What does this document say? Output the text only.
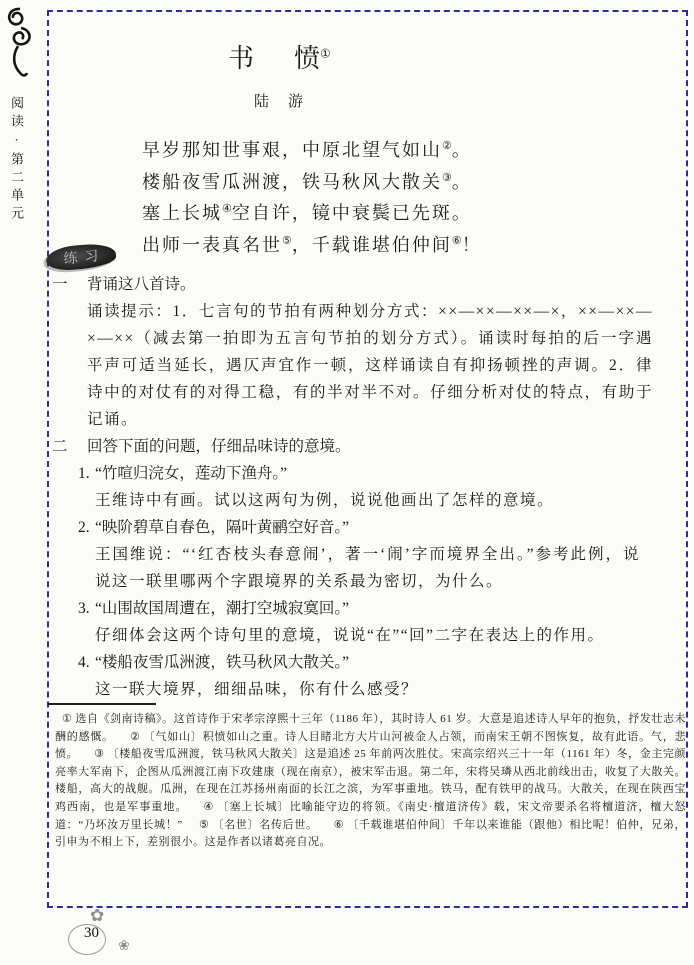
阅读·第二单元
书 愤①
陆　游
早岁那知世事艰，中原北望气如山②。
楼船夜雪瓜洲渡，铁马秋风大散关③。
塞上长城④空自许，镜中衰鬓已先斑。
出师一表真名世⑤，千载谁堪伯仲间⑥！
练习
一 背诵这八首诗。

诵读提示：1．七言句的节拍有两种划分方式：××—××—××—×，××—××—×—××（减去第一拍即为五言句节拍的划分方式）。诵读时每拍的后一字遇平声可适当延长，遇仄声宜作一顿，这样诵读自有抑扬顿挫的声调。2．律诗中的对仗有的对得工稳，有的半对半不对。仔细分析对仗的特点，有助于记诵。

二 回答下面的问题，仔细品味诗的意境。
1. “竹喧归浣女，莲动下渔舟。”

王维诗中有画。试以这两句为例，说说他画出了怎样的意境。

2. “映阶碧草自春色，隔叶黄鹂空好音。”

王国维说：“‘红杏枝头春意闹’，著一‘闹’字而境界全出。”参考此例，说说这一联里哪两个字跟境界的关系最为密切，为什么。

3. “山围故国周遭在，潮打空城寂寞回。”

仔细体会这两个诗句里的意境，说说“在”“回”二字在表达上的作用。

4. “楼船夜雪瓜洲渡，铁马秋风大散关。”

这一联大境界，细细品味，你有什么感受？

① 选自《剑南诗稿》。这首诗作于宋孝宗淳熙十三年（1186 年），其时诗人 61 岁。大意是追述诗人早年的抱负，抒发壮志未酬的感慨。 ② 〔气如山〕积愤如山之重。诗人目睹北方大片山河被金人占领，而南宋王朝不图恢复，故有此语。气，悲愤。 ③ 〔楼船夜雪瓜洲渡，铁马秋风大散关〕这是追述 25 年前两次胜仗。宋高宗绍兴三十一年（1161 年）冬，金主完颜亮率大军南下，企图从瓜洲渡江南下攻建康（现在南京），被宋军击退。第二年，宋将吴璘从西北前线出击，收复了大散关。楼船，高大的战舰。瓜洲，在现在江苏扬州南面的长江之滨，为军事重地。铁马，配有铁甲的战马。大散关，在现在陕西宝鸡西南，也是军事重地。 ④ 〔塞上长城〕比喻能守边的将领。《南史·檀道济传》载，宋文帝要杀名将檀道济，檀大怒道：“乃坏汝万里长城！” ⑤ 〔名世〕名传后世。 ⑥ 〔千载谁堪伯仲间〕千年以来谁能（跟他）相比呢！伯仲，兄弟，引申为不相上下，差别很小。这是作者以诸葛亮自况。

✿
30
❀
